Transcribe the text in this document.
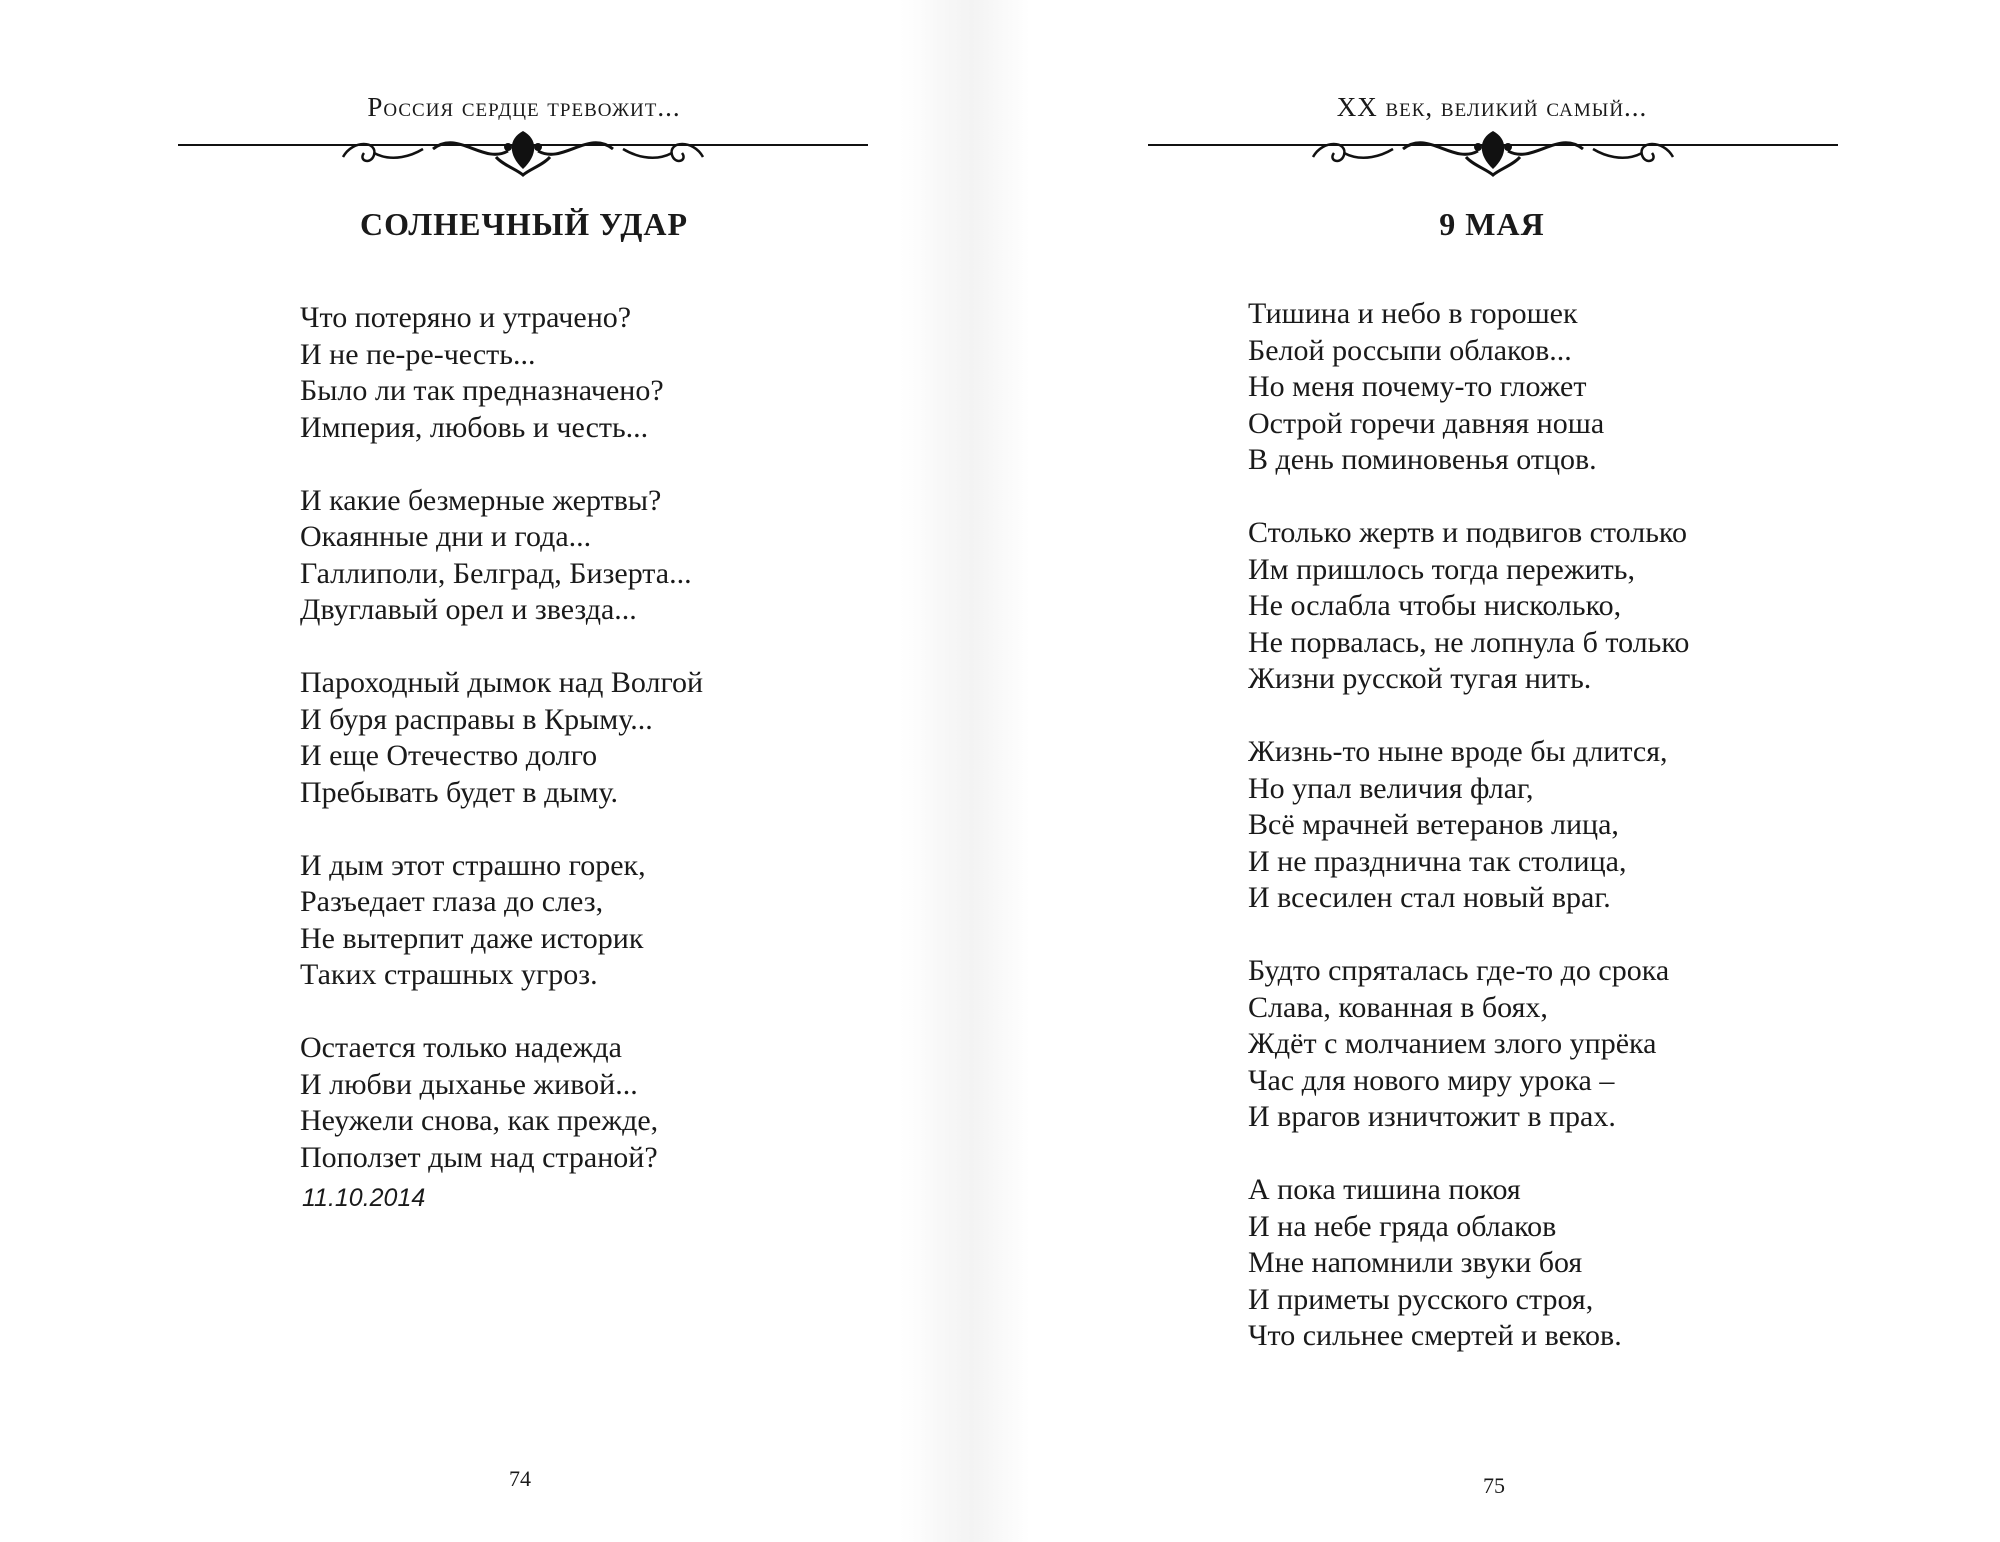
Россия сердце тревожит...
СОЛНЕЧНЫЙ УДАР
Что потеряно и утрачено?
И не пе-ре-честь...
Было ли так предназначено?
Империя, любовь и честь...
И какие безмерные жертвы?
Окаянные дни и года...
Галлиполи, Белград, Бизерта...
Двуглавый орел и звезда...
Пароходный дымок над Волгой
И буря расправы в Крыму...
И еще Отечество долго
Пребывать будет в дыму.
И дым этот страшно горек,
Разъедает глаза до слез,
Не вытерпит даже историк
Таких страшных угроз.
Остается только надежда
И любви дыханье живой...
Неужели снова, как прежде,
Поползет дым над страной?
11.10.2014
74
XX век, великий самый...
9 МАЯ
Тишина и небо в горошек
Белой россыпи облаков...
Но меня почему-то гложет
Острой горечи давняя ноша
В день поминовенья отцов.
Столько жертв и подвигов столько
Им пришлось тогда пережить,
Не ослабла чтобы нисколько,
Не порвалась, не лопнула б только
Жизни русской тугая нить.
Жизнь-то ныне вроде бы длится,
Но упал величия флаг,
Всё мрачней ветеранов лица,
И не празднична так столица,
И всесилен стал новый враг.
Будто спряталась где-то до срока
Слава, кованная в боях,
Ждёт с молчанием злого упрёка
Час для нового миру урока –
И врагов изничтожит в прах.
А пока тишина покоя
И на небе гряда облаков
Мне напомнили звуки боя
И приметы русского строя,
Что сильнее смертей и веков.
75
